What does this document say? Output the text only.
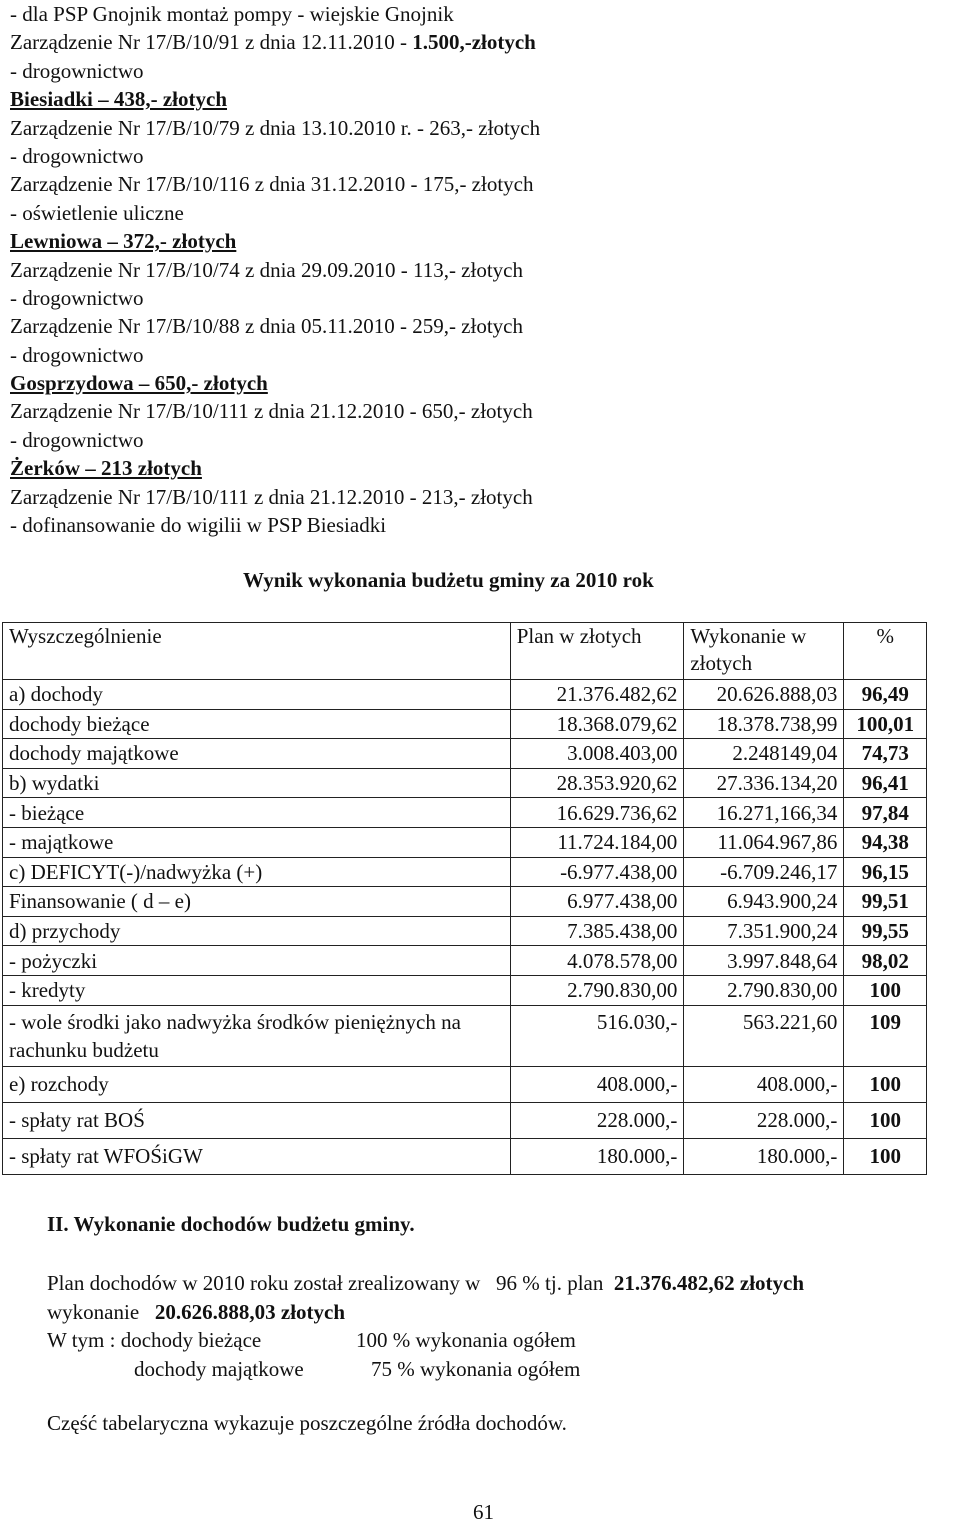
- dla PSP Gnojnik montaż pompy - wiejskie Gnojnik
Zarządzenie Nr 17/B/10/91 z dnia 12.11.2010 - 1.500,-złotych
- drogownictwo
Biesiadki – 438,- złotych
Zarządzenie Nr 17/B/10/79 z dnia 13.10.2010 r. - 263,- złotych
- drogownictwo
Zarządzenie Nr 17/B/10/116 z dnia 31.12.2010 - 175,- złotych
- oświetlenie uliczne
Lewniowa – 372,- złotych
Zarządzenie Nr 17/B/10/74 z dnia 29.09.2010 - 113,- złotych
- drogownictwo
Zarządzenie Nr 17/B/10/88 z dnia 05.11.2010 - 259,- złotych
- drogownictwo
Gosprzydowa – 650,- złotych
Zarządzenie Nr 17/B/10/111 z dnia 21.12.2010 - 650,- złotych
- drogownictwo
Żerków – 213 złotych
Zarządzenie Nr 17/B/10/111 z dnia 21.12.2010 - 213,- złotych
- dofinansowanie do wigilii w PSP Biesiadki
Wynik wykonania budżetu gminy za 2010 rok
Wyszczególnienie	Plan w złotych	Wykonanie w złotych	%
a) dochody	21.376.482,62	20.626.888,03	96,49
dochody bieżące	18.368.079,62	18.378.738,99	100,01
dochody majątkowe	3.008.403,00	2.248149,04	74,73
b) wydatki	28.353.920,62	27.336.134,20	96,41
- bieżące	16.629.736,62	16.271,166,34	97,84
- majątkowe	11.724.184,00	11.064.967,86	94,38
c) DEFICYT(-)/nadwyżka (+)	-6.977.438,00	-6.709.246,17	96,15
Finansowanie ( d – e)	6.977.438,00	6.943.900,24	99,51
d) przychody	7.385.438,00	7.351.900,24	99,55
- pożyczki	4.078.578,00	3.997.848,64	98,02
- kredyty	2.790.830,00	2.790.830,00	100
- wole środki jako nadwyżka środków pieniężnych na rachunku budżetu	516.030,-	563.221,60	109
e) rozchody	408.000,-	408.000,-	100
- spłaty rat BOŚ	228.000,-	228.000,-	100
- spłaty rat WFOŚiGW	180.000,-	180.000,-	100
II. Wykonanie dochodów budżetu gminy.
Plan dochodów w 2010 roku został zrealizowany w   96 % tj. plan  21.376.482,62 złotych
wykonanie   20.626.888,03 złotych
W tym : dochody bieżące	100 % wykonania ogółem
dochody majątkowe	75 % wykonania ogółem
Część tabelaryczna wykazuje poszczególne źródła dochodów.
61
